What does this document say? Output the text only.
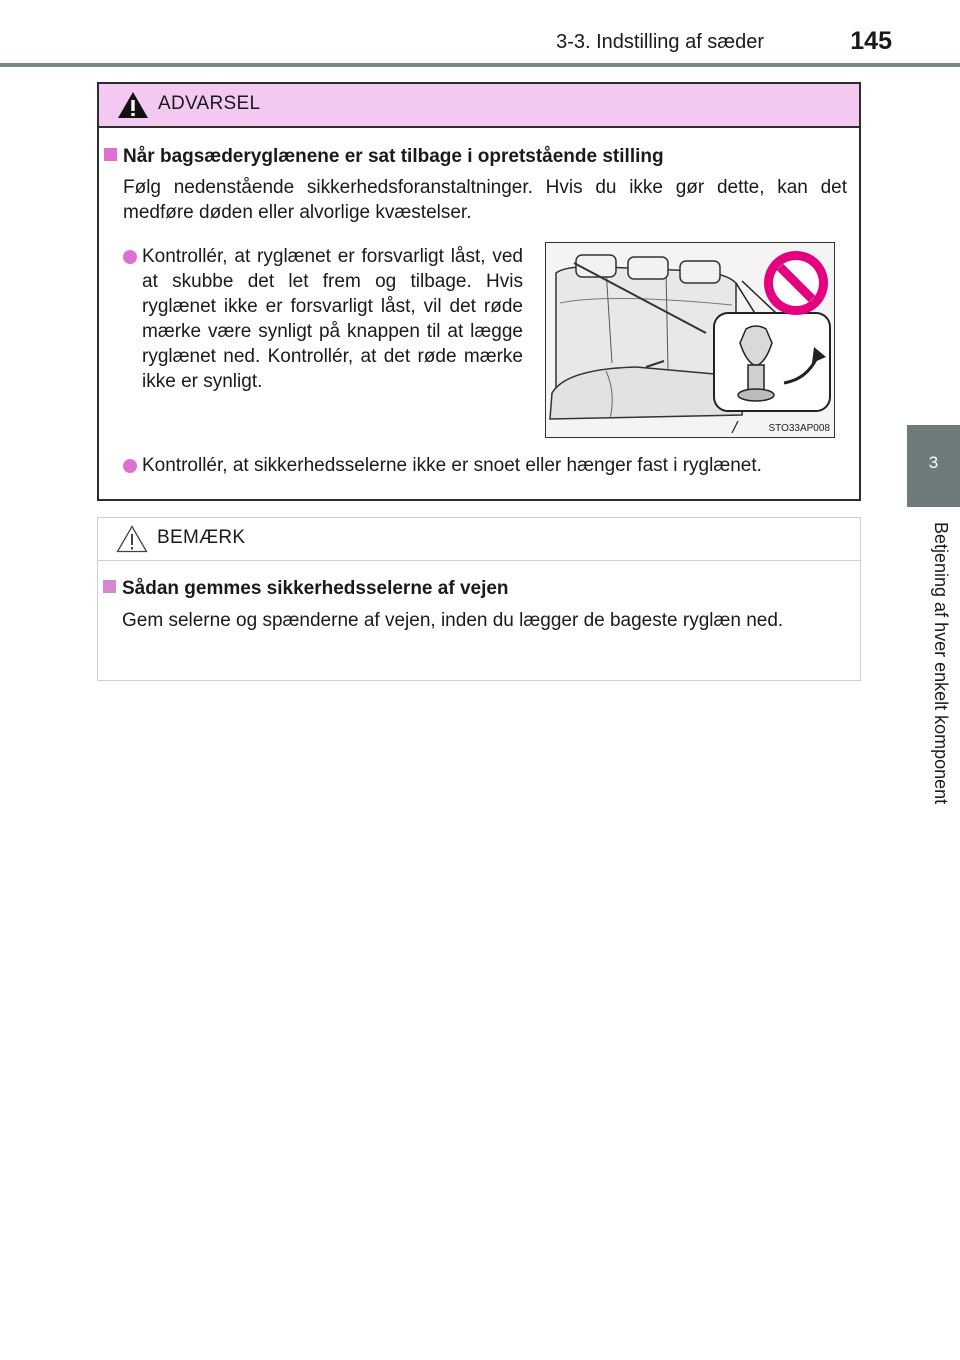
3-3. Indstilling af sæder	145
3
Betjening af hver enkelt komponent
ADVARSEL
Når bagsæderyglænene er sat tilbage i opretstående stilling
Følg nedenstående sikkerhedsforanstaltninger. Hvis du ikke gør dette, kan det medføre døden eller alvorlige kvæstelser.
Kontrollér, at ryglænet er forsvarligt låst, ved at skubbe det let frem og tilbage. Hvis ryglænet ikke er forsvarligt låst, vil det røde mærke være synligt på knappen til at lægge ryglænet ned. Kontrollér, at det røde mærke ikke er synligt.
STO33AP008
Kontrollér, at sikkerhedsselerne ikke er snoet eller hænger fast i ryglænet.
BEMÆRK
Sådan gemmes sikkerhedsselerne af vejen
Gem selerne og spænderne af vejen, inden du lægger de bageste ryglæn ned.
